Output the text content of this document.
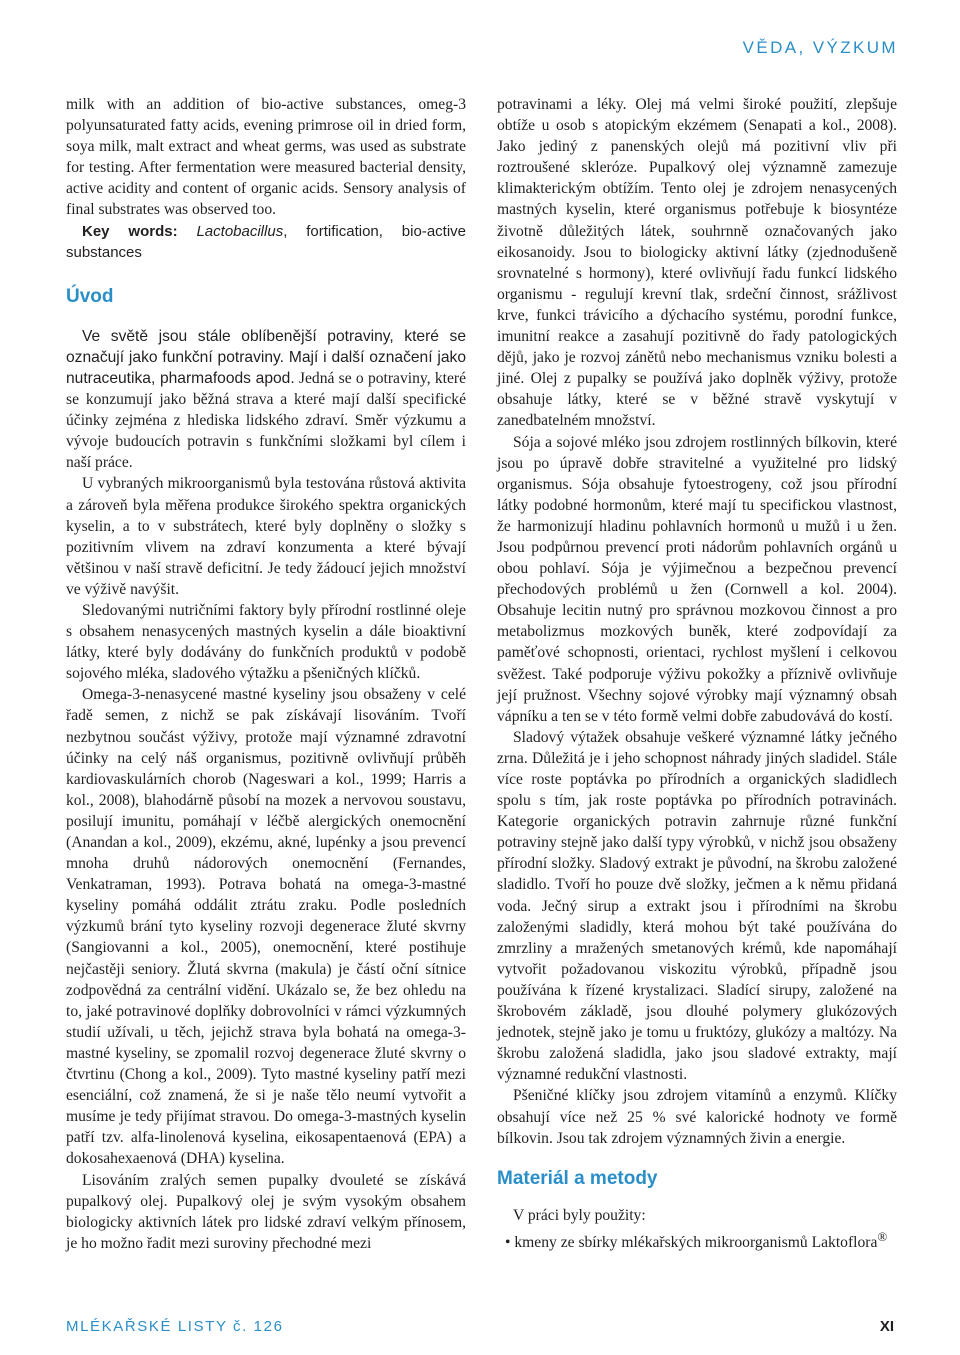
VĚDA, VÝZKUM

milk with an addition of bio-active substances, omeg-3 polyunsaturated fatty acids, evening primrose oil in dried form, soya milk, malt extract and wheat germs, was used as substrate for testing. After fermentation were measured bacterial density, active acidity and content of organic acids. Sensory analysis of final substrates was observed too.

Key words: Lactobacillus, fortification, bio-active substances

Úvod

Ve světě jsou stále oblíbenější potraviny, které se označují jako funkční potraviny. Mají i další označení jako nutraceutika, pharmafoods apod. Jedná se o potraviny, které se konzumují jako běžná strava a které mají další specifické účinky zejména z hlediska lidského zdraví. Směr výzkumu a vývoje budoucích potravin s funkčními složkami byl cílem i naší práce.

U vybraných mikroorganismů byla testována růstová aktivita a zároveň byla měřena produkce širokého spektra organických kyselin, a to v substrátech, které byly doplněny o složky s pozitivním vlivem na zdraví konzumenta a které bývají většinou v naší stravě deficitní. Je tedy žádoucí jejich množství ve výživě navýšit.

Sledovanými nutričními faktory byly přírodní rostlinné oleje s obsahem nenasycených mastných kyselin a dále bioaktivní látky, které byly dodávány do funkčních produktů v podobě sojového mléka, sladového výtažku a pšeničných klíčků.

Omega-3-nenasycené mastné kyseliny jsou obsaženy v celé řadě semen, z nichž se pak získávají lisováním. Tvoří nezbytnou součást výživy, protože mají významné zdravotní účinky na celý náš organismus, pozitivně ovlivňují průběh kardiovaskulárních chorob (Nageswari a kol., 1999; Harris a kol., 2008), blahodárně působí na mozek a nervovou soustavu, posilují imunitu, pomáhají v léčbě alergických onemocnění (Anandan a kol., 2009), ekzému, akné, lupénky a jsou prevencí mnoha druhů nádorových onemocnění (Fernandes, Venkatraman, 1993). Potrava bohatá na omega-3-mastné kyseliny pomáhá oddálit ztrátu zraku. Podle posledních výzkumů brání tyto kyseliny rozvoji degenerace žluté skvrny (Sangiovanni a kol., 2005), onemocnění, které postihuje nejčastěji seniory. Žlutá skvrna (makula) je částí oční sítnice zodpovědná za centrální vidění. Ukázalo se, že bez ohledu na to, jaké potravinové doplňky dobrovolníci v rámci výzkumných studií užívali, u těch, jejichž strava byla bohatá na omega-3-mastné kyseliny, se zpomalil rozvoj degenerace žluté skvrny o čtvrtinu (Chong a kol., 2009). Tyto mastné kyseliny patří mezi esenciální, což znamená, že si je naše tělo neumí vytvořit a musíme je tedy přijímat stravou. Do omega-3-mastných kyselin patří tzv. alfa-linolenová kyselina, eikosapentaenová (EPA) a dokosahexaenová (DHA) kyselina.

Lisováním zralých semen pupalky dvouleté se získává pupalkový olej. Pupalkový olej je svým vysokým obsahem biologicky aktivních látek pro lidské zdraví velkým přínosem, je ho možno řadit mezi suroviny přechodné mezi

potravinami a léky. Olej má velmi široké použití, zlepšuje obtíže u osob s atopickým ekzémem (Senapati a kol., 2008). Jako jediný z panenských olejů má pozitivní vliv při roztroušené skleróze. Pupalkový olej významně zamezuje klimakterickým obtížím. Tento olej je zdrojem nenasycených mastných kyselin, které organismus potřebuje k biosyntéze životně důležitých látek, souhrnně označovaných jako eikosanoidy. Jsou to biologicky aktivní látky (zjednodušeně srovnatelné s hormony), které ovlivňují řadu funkcí lidského organismu - regulují krevní tlak, srdeční činnost, srážlivost krve, funkci trávicího a dýchacího systému, porodní funkce, imunitní reakce a zasahují pozitivně do řady patologických dějů, jako je rozvoj zánětů nebo mechanismus vzniku bolesti a jiné. Olej z pupalky se používá jako doplněk výživy, protože obsahuje látky, které se v běžné stravě vyskytují v zanedbatelném množství.

Sója a sojové mléko jsou zdrojem rostlinných bílkovin, které jsou po úpravě dobře stravitelné a využitelné pro lidský organismus. Sója obsahuje fytoestrogeny, což jsou přírodní látky podobné hormonům, které mají tu specifickou vlastnost, že harmonizují hladinu pohlavních hormonů u mužů i u žen. Jsou podpůrnou prevencí proti nádorům pohlavních orgánů u obou pohlaví. Sója je výjimečnou a bezpečnou prevencí přechodových problémů u žen (Cornwell a kol. 2004). Obsahuje lecitin nutný pro správnou mozkovou činnost a pro metabolizmus mozkových buněk, které zodpovídají za paměťové schopnosti, orientaci, rychlost myšlení i celkovou svěžest. Také podporuje výživu pokožky a příznivě ovlivňuje její pružnost. Všechny sojové výrobky mají významný obsah vápníku a ten se v této formě velmi dobře zabudovává do kostí.

Sladový výtažek obsahuje veškeré významné látky ječného zrna. Důležitá je i jeho schopnost náhrady jiných sladidel. Stále více roste poptávka po přírodních a organických sladidlech spolu s tím, jak roste poptávka po přírodních potravinách. Kategorie organických potravin zahrnuje různé funkční potraviny stejně jako další typy výrobků, v nichž jsou obsaženy přírodní složky. Sladový extrakt je původní, na škrobu založené sladidlo. Tvoří ho pouze dvě složky, ječmen a k němu přidaná voda. Ječný sirup a extrakt jsou i přírodními na škrobu založenými sladidly, která mohou být také používána do zmrzliny a mražených smetanových krémů, kde napomáhají vytvořit požadovanou viskozitu výrobků, případně jsou používána k řízené krystalizaci. Sladící sirupy, založené na škrobovém základě, jsou dlouhé polymery glukózových jednotek, stejně jako je tomu u fruktózy, glukózy a maltózy. Na škrobu založená sladidla, jako jsou sladové extrakty, mají významné redukční vlastnosti.

Pšeničné klíčky jsou zdrojem vitamínů a enzymů. Klíčky obsahují více než 25 % své kalorické hodnoty ve formě bílkovin. Jsou tak zdrojem významných živin a energie.

Materiál a metody

V práci byly použity:

• kmeny ze sbírky mlékařských mikroorganismů Laktoflora®
MLÉKAŘSKÉ LISTY č. 126	XI
